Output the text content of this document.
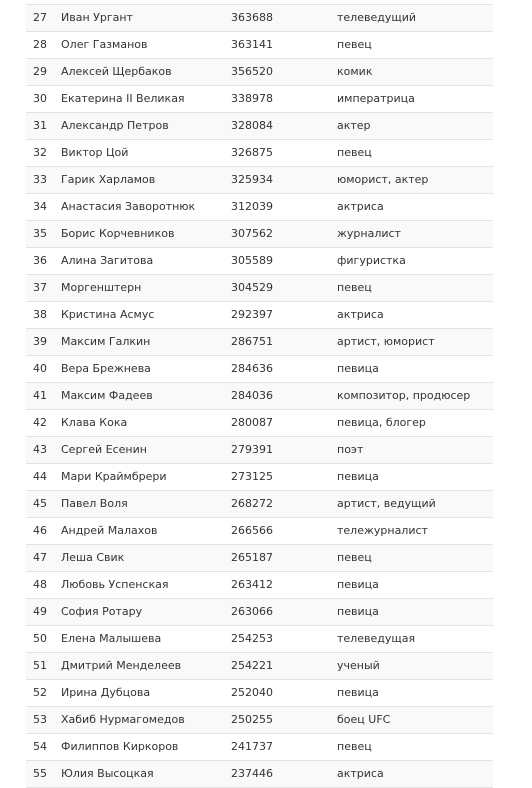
27	Иван Ургант	363688	телеведущий
28	Олег Газманов	363141	певец
29	Алексей Щербаков	356520	комик
30	Екатерина II Великая	338978	императрица
31	Александр Петров	328084	актер
32	Виктор Цой	326875	певец
33	Гарик Харламов	325934	юморист, актер
34	Анастасия Заворотнюк	312039	актриса
35	Борис Корчевников	307562	журналист
36	Алина Загитова	305589	фигуристка
37	Моргенштерн	304529	певец
38	Кристина Асмус	292397	актриса
39	Максим Галкин	286751	артист, юморист
40	Вера Брежнева	284636	певица
41	Максим Фадеев	284036	композитор, продюсер
42	Клава Кока	280087	певица, блогер
43	Сергей Есенин	279391	поэт
44	Мари Краймбрери	273125	певица
45	Павел Воля	268272	артист, ведущий
46	Андрей Малахов	266566	тележурналист
47	Леша Свик	265187	певец
48	Любовь Успенская	263412	певица
49	София Ротару	263066	певица
50	Елена Малышева	254253	телеведущая
51	Дмитрий Менделеев	254221	ученый
52	Ирина Дубцова	252040	певица
53	Хабиб Нурмагомедов	250255	боец UFC
54	Филиппов Киркоров	241737	певец
55	Юлия Высоцкая	237446	актриса
